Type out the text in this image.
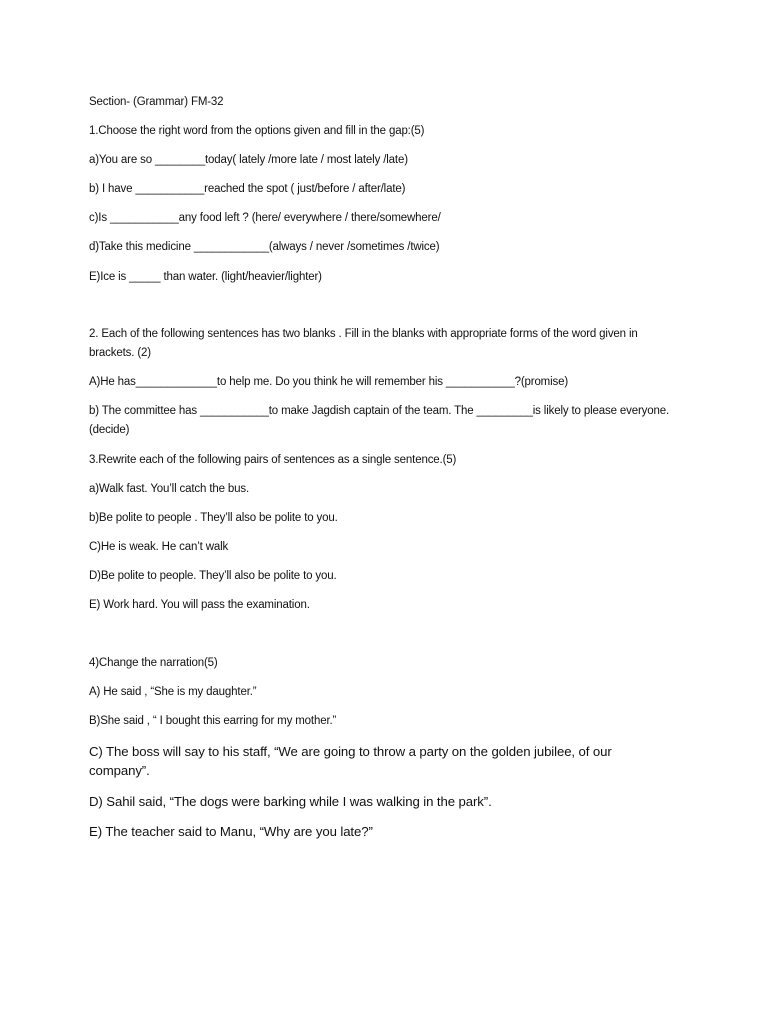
Section- (Grammar) FM-32
1.Choose the right word from the options given and fill in the gap:(5)
a)You are so ________today( lately /more late / most lately /late)
b) I have ___________reached the spot ( just/before / after/late)
c)Is ___________any food left ? (here/ everywhere / there/somewhere/
d)Take this medicine ____________(always / never /sometimes /twice)
E)Ice is _____ than water. (light/heavier/lighter)
2. Each of the following sentences has two blanks . Fill in the blanks with appropriate forms of the word given in brackets. (2)
A)He has_____________to help me. Do you think he will remember his ___________?(promise)
b) The committee has ___________to make Jagdish captain of the team. The _________is likely to please everyone. (decide)
3.Rewrite each of the following pairs of sentences as a single sentence.(5)
a)Walk fast. You’ll catch the bus.
b)Be polite to people . They’ll also be polite to you.
C)He is weak. He can’t walk
D)Be polite to people. They’ll also be polite to you.
E) Work hard. You will pass the examination.
4)Change the narration(5)
A) He said , “She is my daughter.”
B)She said , “ I bought this earring for my mother.”
C) The boss will say to his staff, “We are going to throw a party on the golden jubilee, of our company”.
D) Sahil said, “The dogs were barking while I was walking in the park”.
E) The teacher said to Manu, “Why are you late?”
